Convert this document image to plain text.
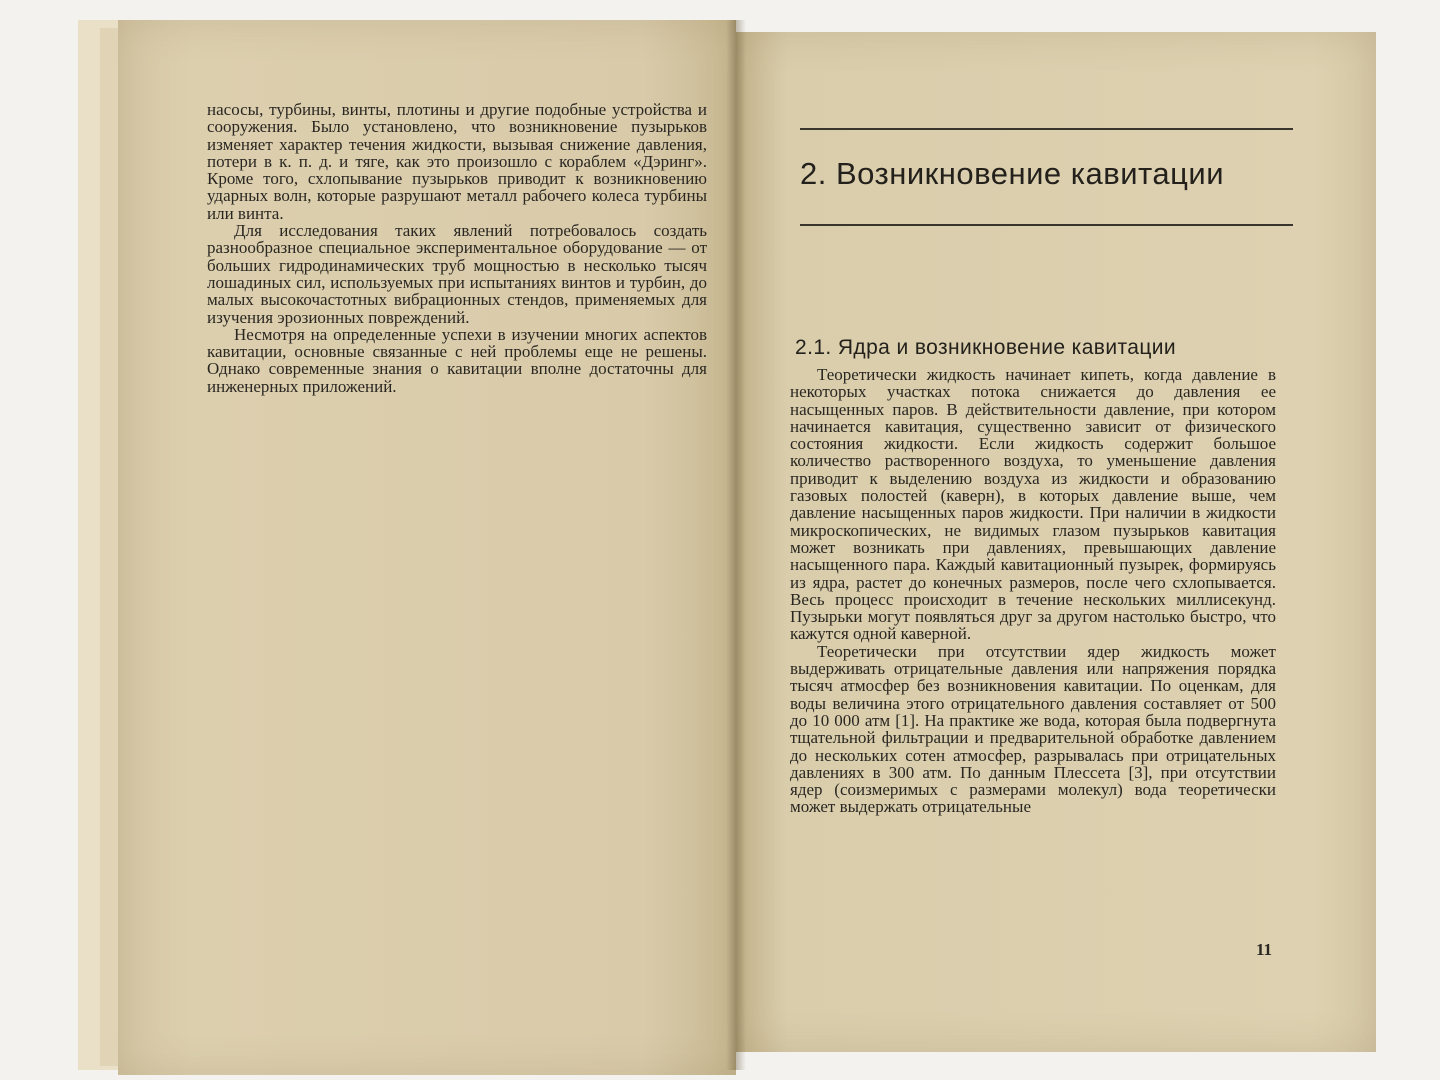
насосы, турбины, винты, плотины и другие подобные устройства и сооружения. Было установлено, что возникновение пузырьков изменяет характер течения жидкости, вызывая снижение давления, потери в к. п. д. и тяге, как это произошло с кораблем «Дэринг». Кроме того, схлопывание пузырьков приводит к возникновению ударных волн, которые разрушают металл рабочего колеса турбины или винта.

Для исследования таких явлений потребовалось создать разнообразное специальное экспериментальное оборудование — от больших гидродинамических труб мощностью в несколько тысяч лошадиных сил, используемых при испытаниях винтов и турбин, до малых высокочастотных вибрационных стендов, применяемых для изучения эрозионных повреждений.

Несмотря на определенные успехи в изучении многих аспектов кавитации, основные связанные с ней проблемы еще не решены. Однако современные знания о кавитации вполне достаточны для инженерных приложений.

2. Возникновение кавитации
2.1. Ядра и возникновение кавитации

Теоретически жидкость начинает кипеть, когда давление в некоторых участках потока снижается до давления ее насыщенных паров. В действительности давление, при котором начинается кавитация, существенно зависит от физического состояния жидкости. Если жидкость содержит большое количество растворенного воздуха, то уменьшение давления приводит к выделению воздуха из жидкости и образованию газовых полостей (каверн), в которых давление выше, чем давление насыщенных паров жидкости. При наличии в жидкости микроскопических, не видимых глазом пузырьков кавитация может возникать при давлениях, превышающих давление насыщенного пара. Каждый кавитационный пузырек, формируясь из ядра, растет до конечных размеров, после чего схлопывается. Весь процесс происходит в течение нескольких миллисекунд. Пузырьки могут появляться друг за другом настолько быстро, что кажутся одной каверной.

Теоретически при отсутствии ядер жидкость может выдерживать отрицательные давления или напряжения порядка тысяч атмосфер без возникновения кавитации. По оценкам, для воды величина этого отрицательного давления составляет от 500 до 10 000 атм [1]. На практике же вода, которая была подвергнута тщательной фильтрации и предварительной обработке давлением до нескольких сотен атмосфер, разрывалась при отрицательных давлениях в 300 атм. По данным Плессета [3], при отсутствии ядер (соизмеримых с размерами молекул) вода теоретически может выдержать отрицательные

11
